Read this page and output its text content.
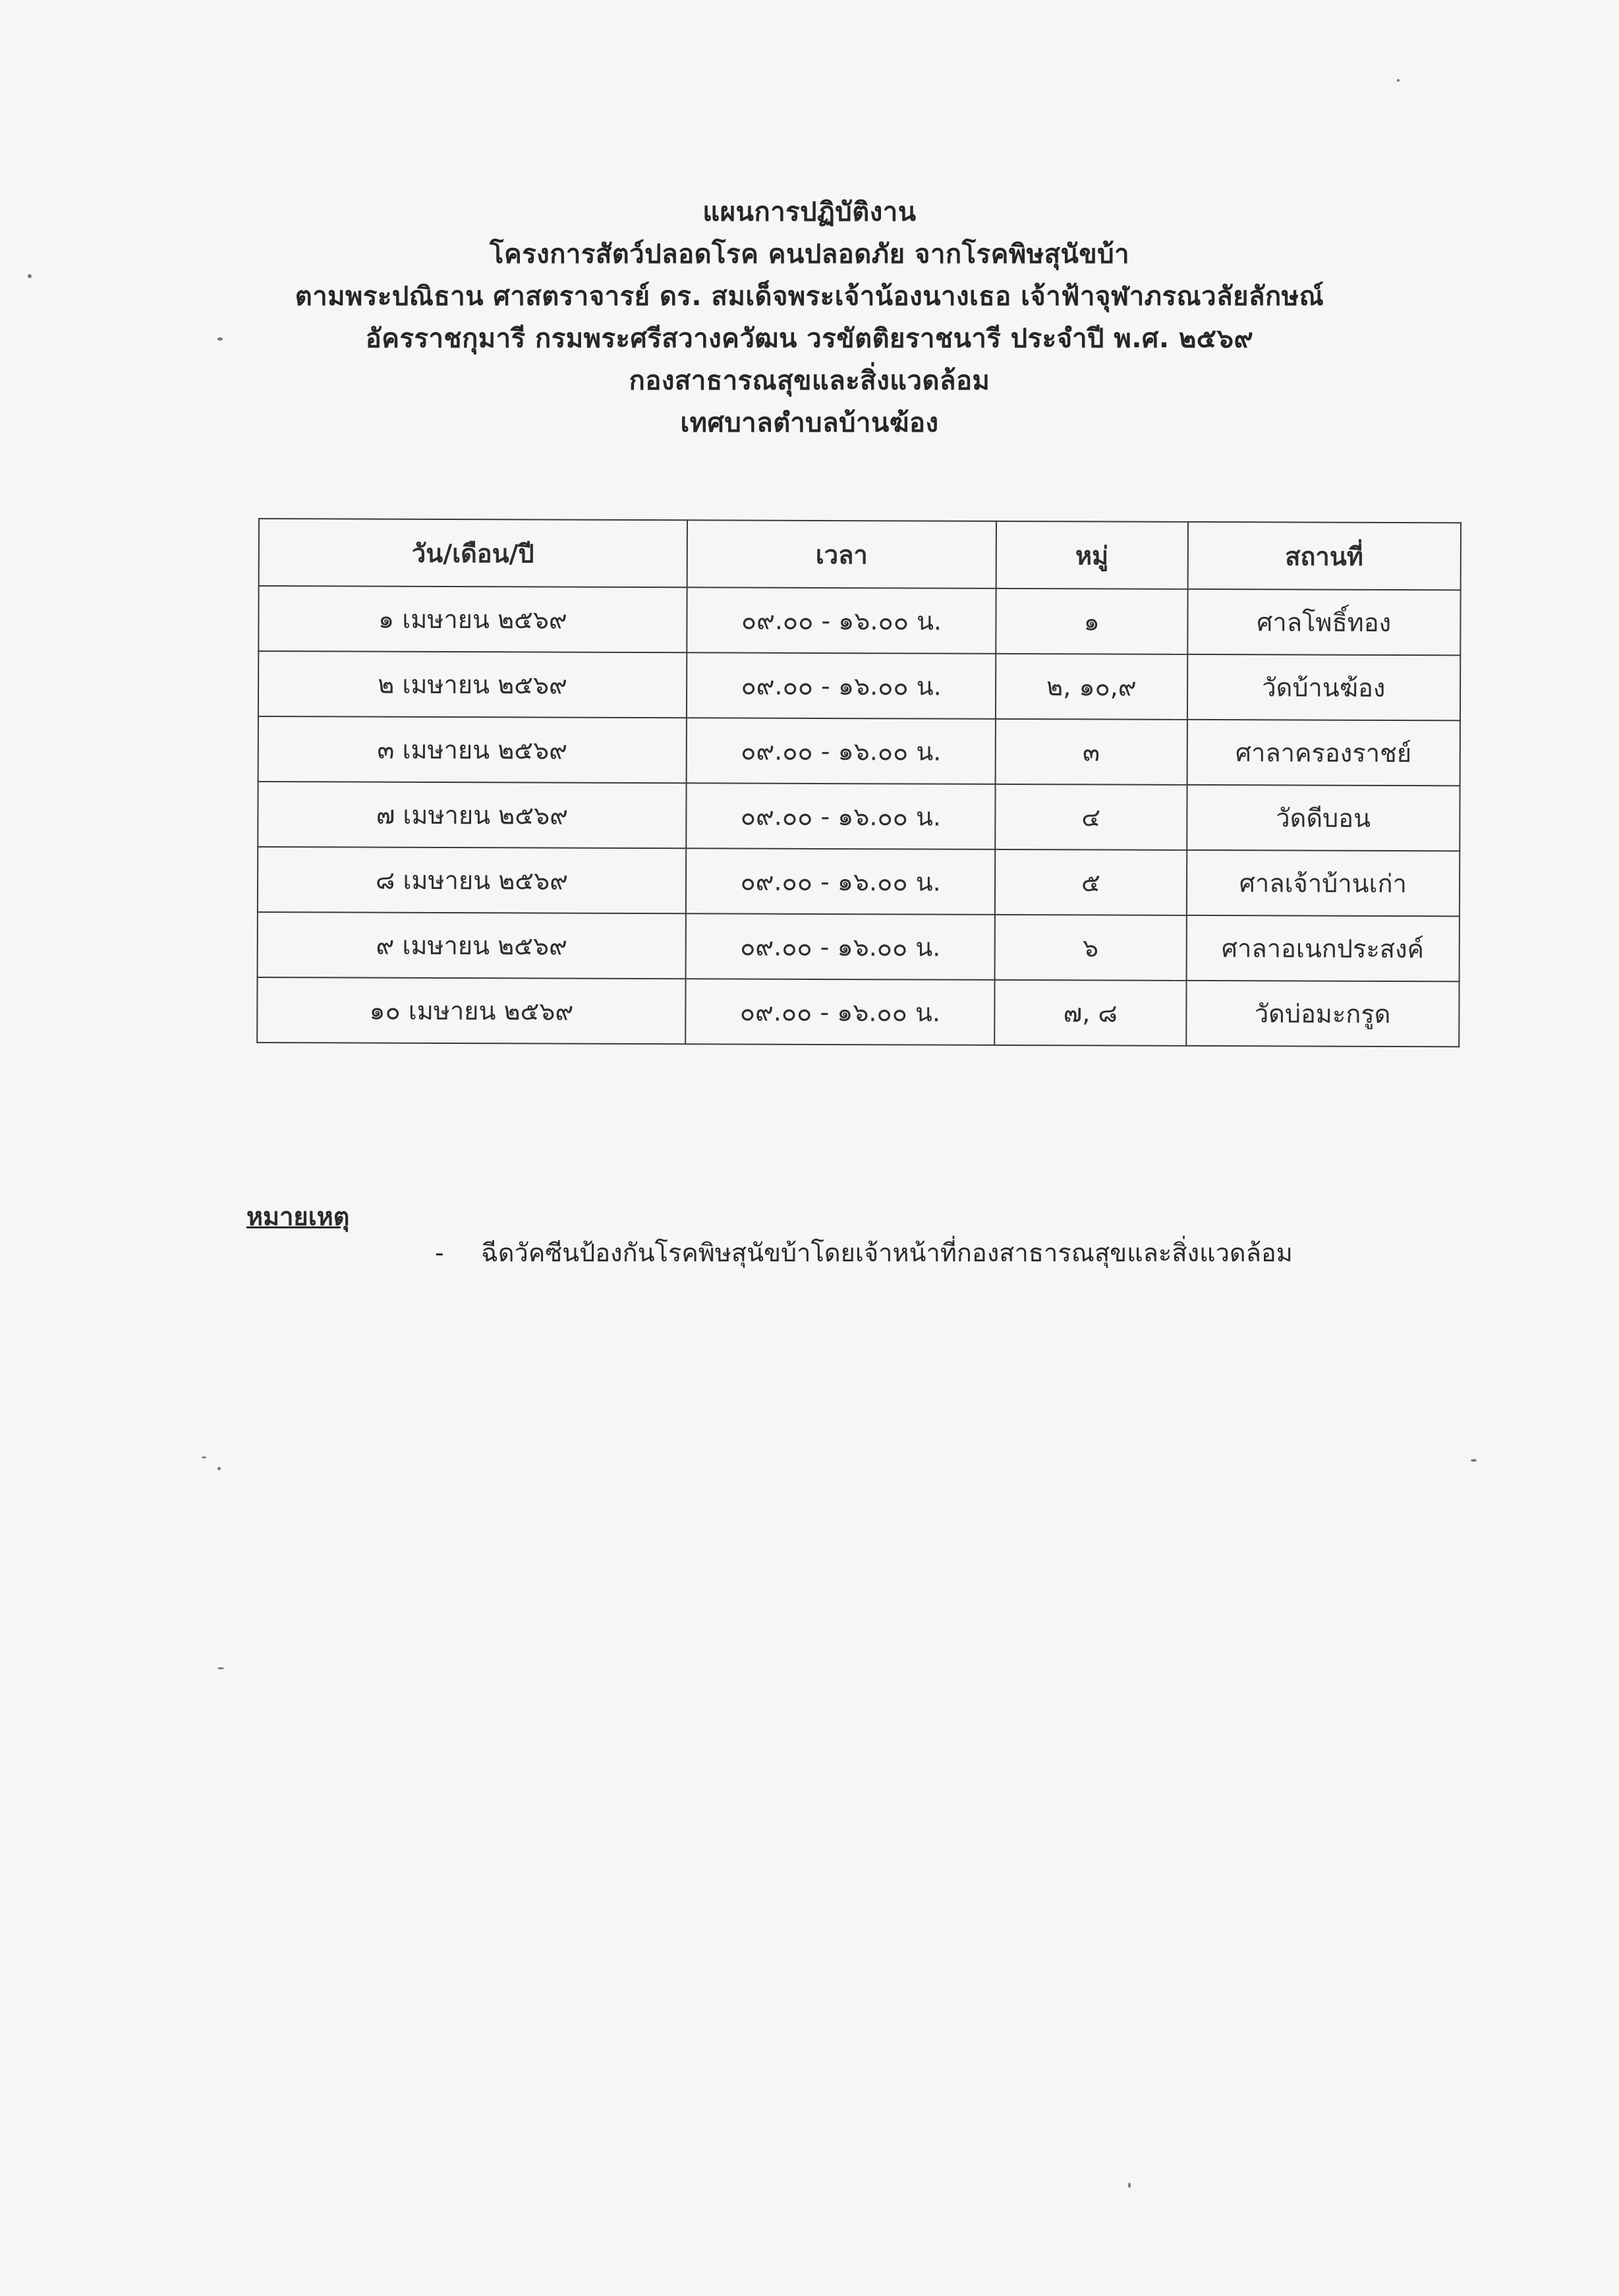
แผนการปฏิบัติงาน
โครงการสัตว์ปลอดโรค คนปลอดภัย จากโรคพิษสุนัขบ้า
ตามพระปณิธาน ศาสตราจารย์ ดร. สมเด็จพระเจ้าน้องนางเธอ เจ้าฟ้าจุฬาภรณวลัยลักษณ์
อัครราชกุมารี กรมพระศรีสวางควัฒน วรขัตติยราชนารี ประจำปี พ.ศ. ๒๕๖๙
กองสาธารณสุขและสิ่งแวดล้อม
เทศบาลตำบลบ้านฆ้อง
วัน/เดือน/ปี	เวลา	หมู่	สถานที่
๑ เมษายน ๒๕๖๙	๐๙.๐๐ - ๑๖.๐๐ น.	๑	ศาลโพธิ์ทอง
๒ เมษายน ๒๕๖๙	๐๙.๐๐ - ๑๖.๐๐ น.	๒, ๑๐,๙	วัดบ้านฆ้อง
๓ เมษายน ๒๕๖๙	๐๙.๐๐ - ๑๖.๐๐ น.	๓	ศาลาครองราชย์
๗ เมษายน ๒๕๖๙	๐๙.๐๐ - ๑๖.๐๐ น.	๔	วัดดีบอน
๘ เมษายน ๒๕๖๙	๐๙.๐๐ - ๑๖.๐๐ น.	๕	ศาลเจ้าบ้านเก่า
๙ เมษายน ๒๕๖๙	๐๙.๐๐ - ๑๖.๐๐ น.	๖	ศาลาอเนกประสงค์
๑๐ เมษายน ๒๕๖๙	๐๙.๐๐ - ๑๖.๐๐ น.	๗, ๘	วัดบ่อมะกรูด
หมายเหตุ
- ฉีดวัคซีนป้องกันโรคพิษสุนัขบ้าโดยเจ้าหน้าที่กองสาธารณสุขและสิ่งแวดล้อม
